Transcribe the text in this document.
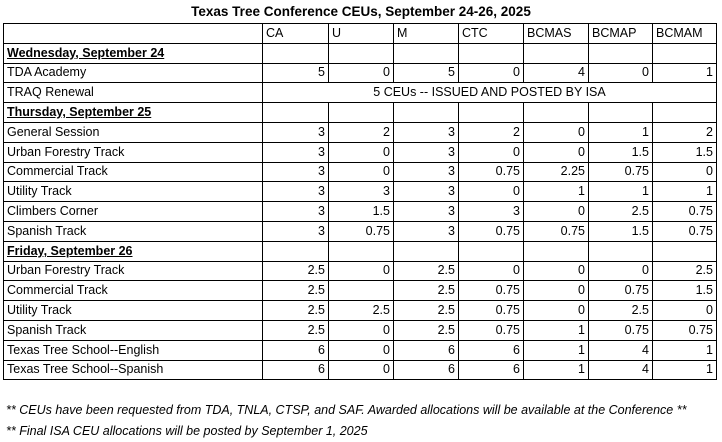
Texas Tree Conference CEUs, September 24-26, 2025
	CA	U	M	CTC	BCMAS	BCMAP	BCMAM
Wednesday, September 24							
TDA Academy	5	0	5	0	4	0	1
TRAQ Renewal	5 CEUs -- ISSUED AND POSTED BY ISA						
Thursday, September 25							
General Session	3	2	3	2	0	1	2
Urban Forestry Track	3	0	3	0	0	1.5	1.5
Commercial Track	3	0	3	0.75	2.25	0.75	0
Utility Track	3	3	3	0	1	1	1
Climbers Corner	3	1.5	3	3	0	2.5	0.75
Spanish Track	3	0.75	3	0.75	0.75	1.5	0.75
Friday, September 26							
Urban Forestry Track	2.5	0	2.5	0	0	0	2.5
Commercial Track	2.5		2.5	0.75	0	0.75	1.5
Utility Track	2.5	2.5	2.5	0.75	0	2.5	0
Spanish Track	2.5	0	2.5	0.75	1	0.75	0.75
Texas Tree School--English	6	0	6	6	1	4	1
Texas Tree School--Spanish	6	0	6	6	1	4	1
** CEUs have been requested from TDA, TNLA, CTSP, and SAF. Awarded allocations will be available at the Conference **
** Final ISA CEU allocations will be posted by September 1, 2025
